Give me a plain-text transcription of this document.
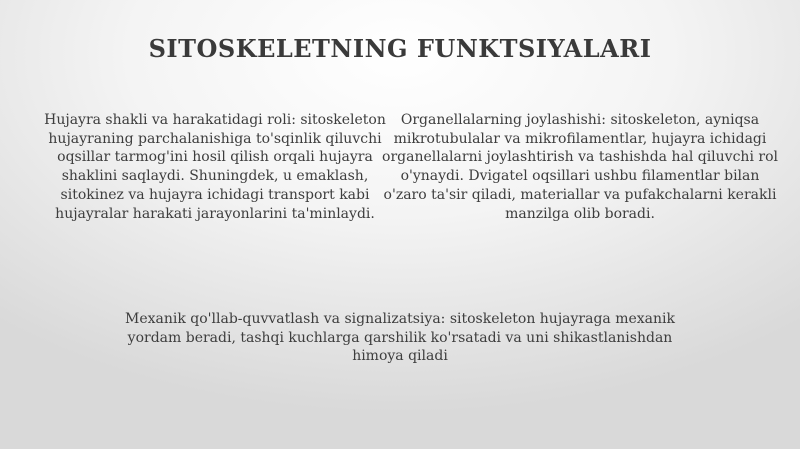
SITOSKELETNING FUNKTSIYALARI
Hujayra shakli va harakatidagi roli: sitoskeleton hujayraning parchalanishiga to'sqinlik qiluvchi oqsillar tarmog'ini hosil qilish orqali hujayra shaklini saqlaydi. Shuningdek, u emaklash, sitokinez va hujayra ichidagi transport kabi hujayralar harakati jarayonlarini ta'minlaydi.
Organellalarning joylashishi: sitoskeleton, ayniqsa mikrotubulalar va mikrofilamentlar, hujayra ichidagi organellalarni joylashtirish va tashishda hal qiluvchi rol o'ynaydi. Dvigatel oqsillari ushbu filamentlar bilan o'zaro ta'sir qiladi, materiallar va pufakchalarni kerakli manzilga olib boradi.
Mexanik qo'llab-quvvatlash va signalizatsiya: sitoskeleton hujayraga mexanik yordam beradi, tashqi kuchlarga qarshilik ko'rsatadi va uni shikastlanishdan himoya qiladi
